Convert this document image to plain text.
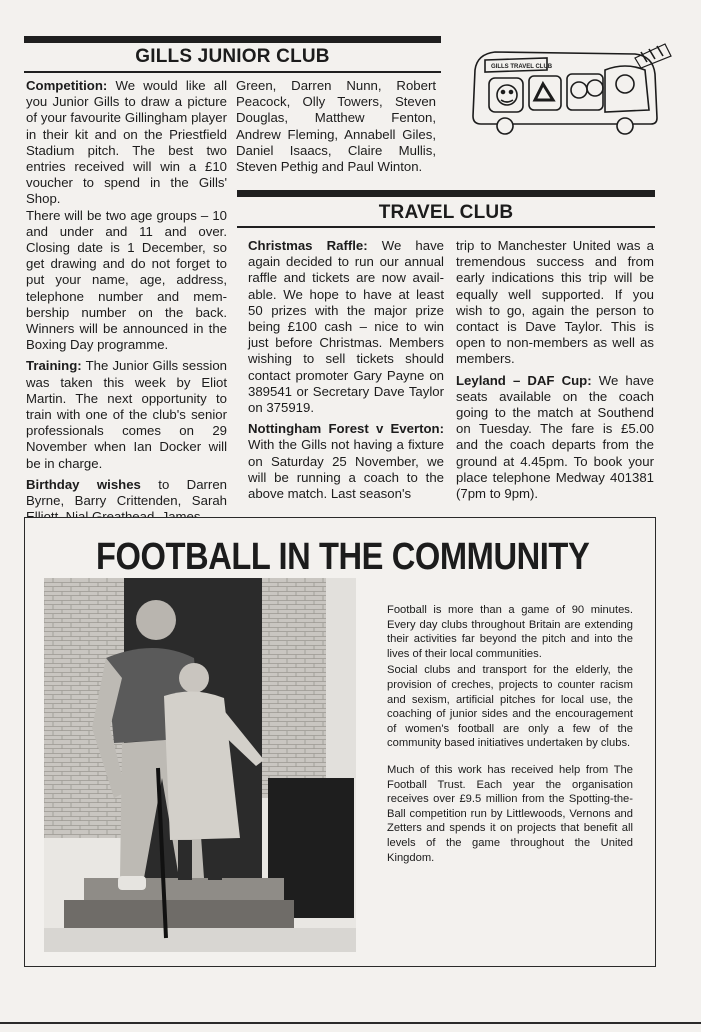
GILLS JUNIOR CLUB

Competition: We would like all you Junior Gills to draw a picture of your favourite Gillingham player in their kit and on the Priestfield Stadium pitch. The best two entries received will win a £10 voucher to spend in the Gills' Shop.
There will be two age groups – 10 and under and 11 and over. Closing date is 1 December, so get drawing and do not forget to put your name, age, address, telephone number and membership number on the back. Winners will be announced in the Boxing Day programme.

Training: The Junior Gills session was taken this week by Eliot Martin. The next opportunity to train with one of the club's senior professionals comes on 29 November when Ian Docker will be in charge.

Birthday wishes to Darren Byrne, Barry Crittenden, Sarah

Green, Darren Nunn, Robert Peacock, Olly Towers, Steven Douglas, Matthew Fenton, Andrew Fleming, Annabell Giles, Daniel Isaacs, Claire Mullis, Steven Pethig and Paul Winton.

GILLS TRAVEL CLUB
TRAVEL CLUB

Christmas Raffle: We have again decided to run our annual raffle and tickets are now available. We hope to have at least 50 prizes with the major prize being £100 cash – nice to win just before Christmas. Members wishing to sell tickets should contact promoter Gary Payne on 389541 or Secretary Dave Taylor on 375919.

Nottingham Forest v Everton: With the Gills not having a fixture on Saturday 25 November, we will be running a coach to the above match. Last season's

trip to Manchester United was a tremendous success and from early indications this trip will be equally well supported. If you wish to go, again the person to contact is Dave Taylor. This is open to non-members as well as members.

Leyland – DAF Cup: We have seats available on the coach going to the match at Southend on Tuesday. The fare is £5.00 and the coach departs from the ground at 4.45pm. To book your place telephone Medway 401381 (7pm to 9pm).

FOOTBALL IN THE COMMUNITY

Football is more than a game of 90 minutes. Every day clubs throughout Britain are extending their activities far beyond the pitch and into the lives of their local communities.

Social clubs and transport for the elderly, the provision of creches, projects to counter racism and sexism, artificial pitches for local use, the coaching of junior sides and the encouragement of women's football are only a few of the community based initiatives undertaken by clubs.

Much of this work has received help from The Football Trust. Each year the organisation receives over £9.5 million from the Spotting-the-Ball competition run by Littlewoods, Vernons and Zetters and spends it on projects that benefit all levels of the game throughout the United Kingdom.
